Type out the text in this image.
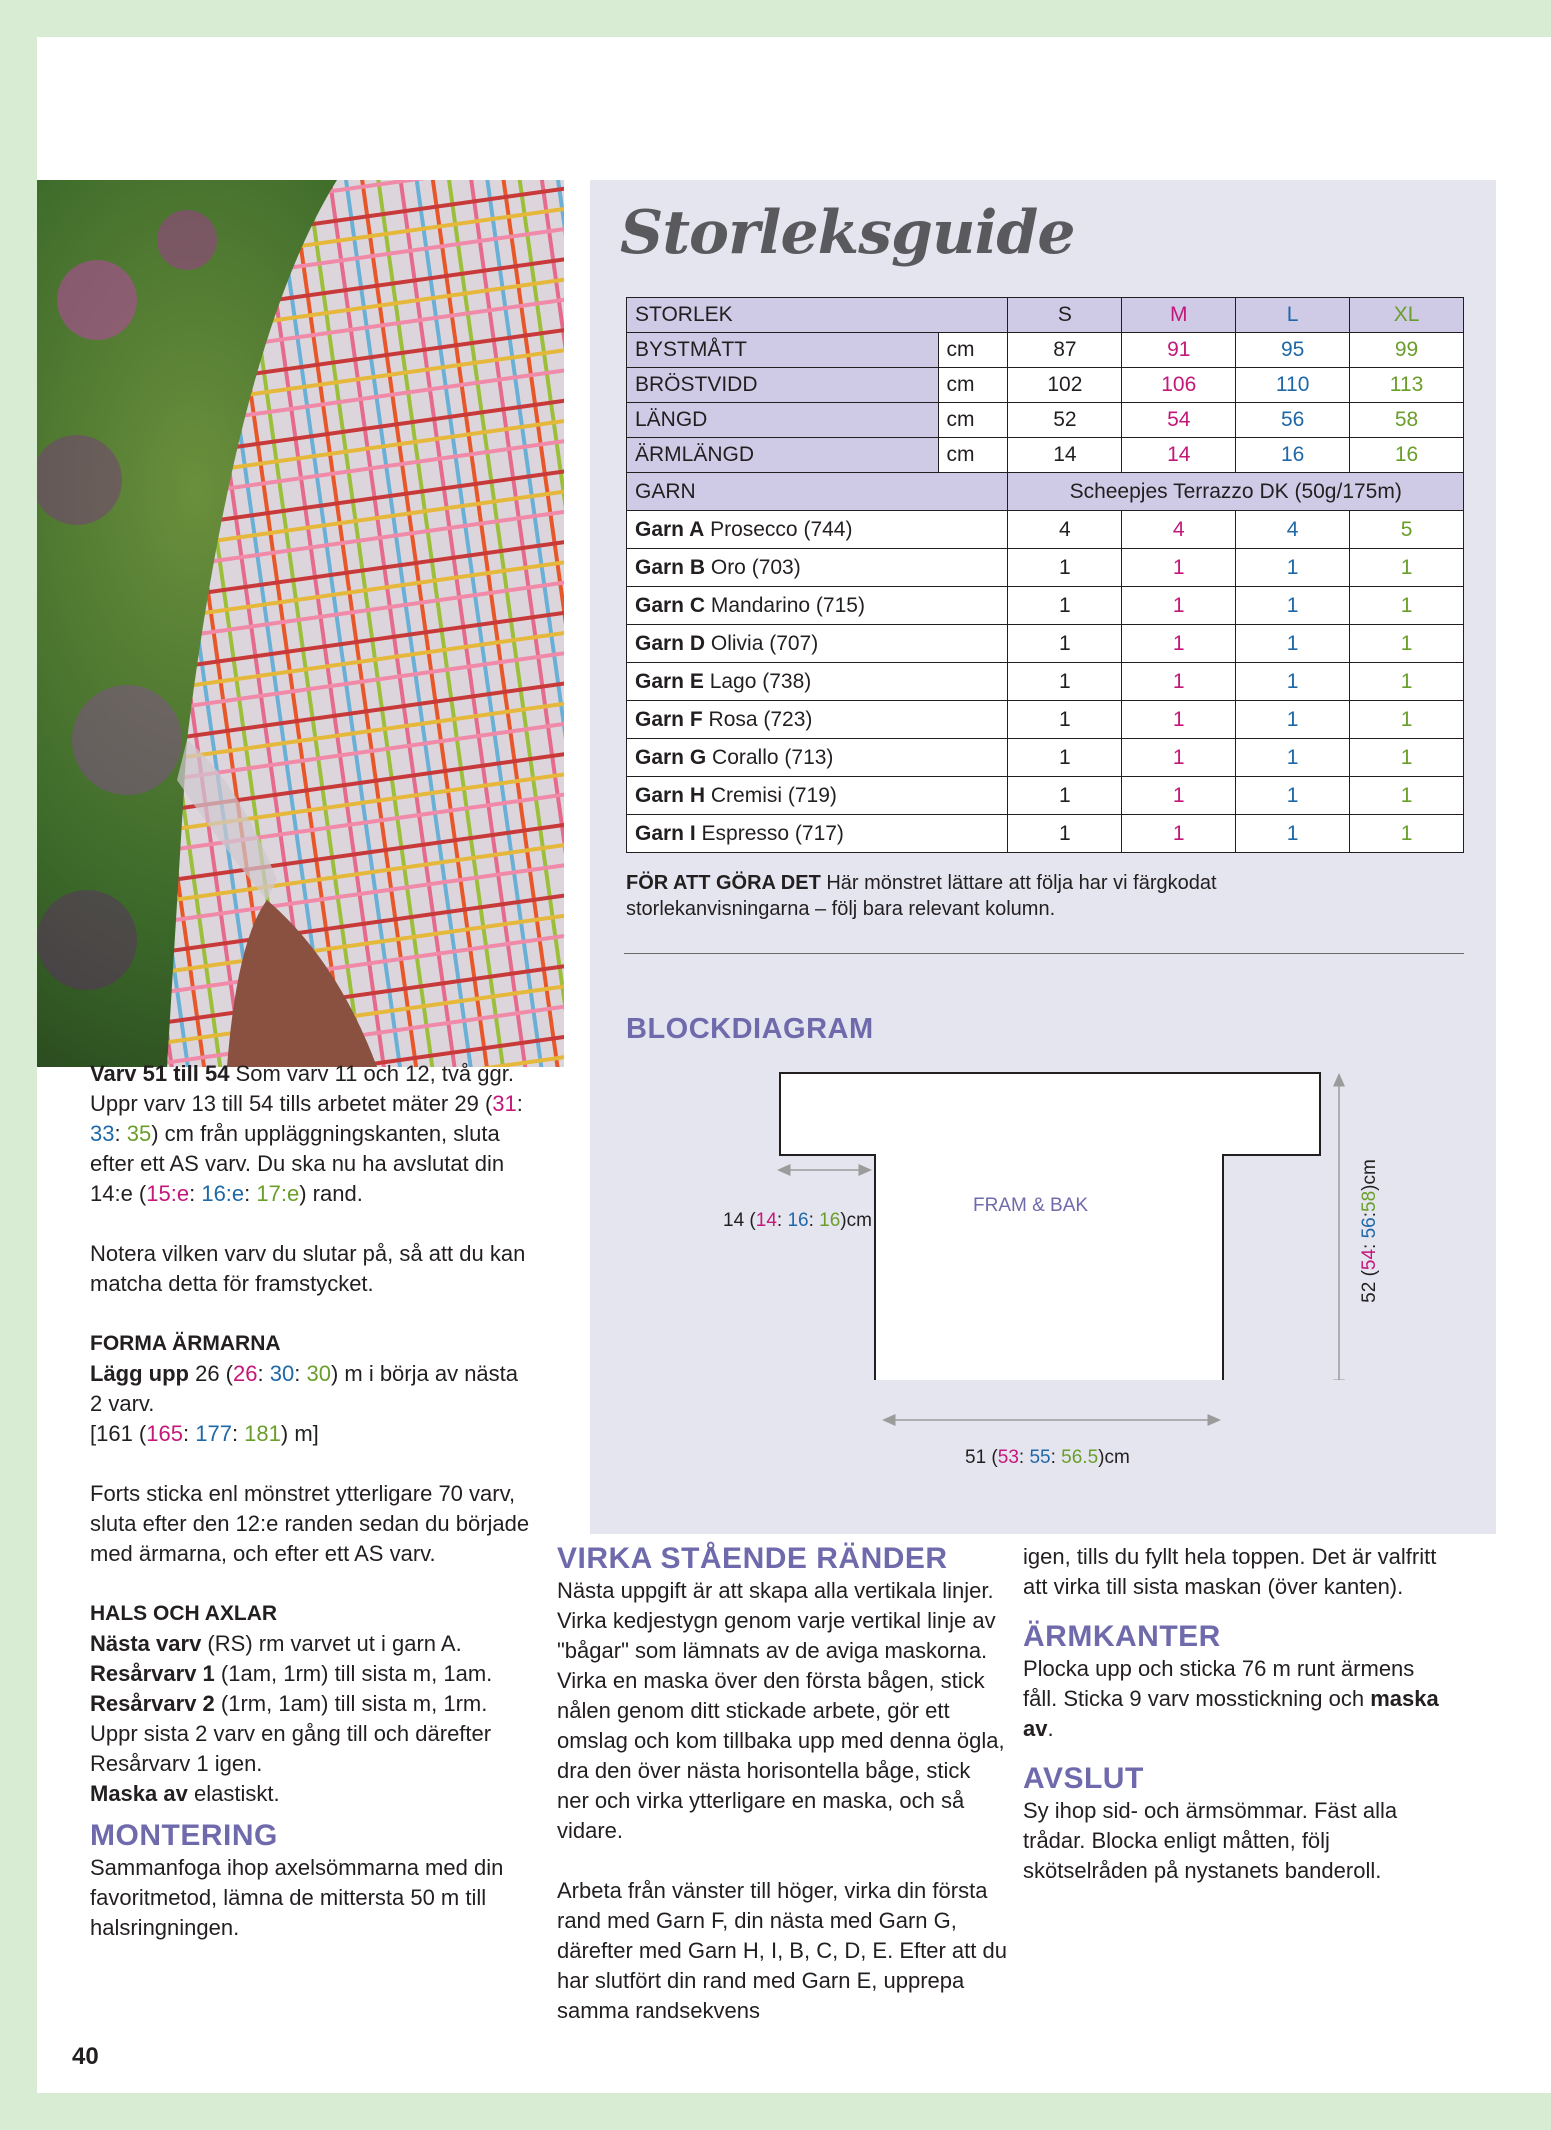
Storleksguide
STORLEK		S	M	L	XL
BYSTMÅTT	cm	87	91	95	99
BRÖSTVIDD	cm	102	106	110	113
LÄNGD	cm	52	54	56	58
ÄRMLÄNGD	cm	14	14	16	16
GARN		Scheepjes Terrazzo DK (50g/175m)			
Garn A Prosecco (744)		4	4	4	5
Garn B Oro (703)		1	1	1	1
Garn C Mandarino (715)		1	1	1	1
Garn D Olivia (707)		1	1	1	1
Garn E Lago (738)		1	1	1	1
Garn F Rosa (723)		1	1	1	1
Garn G Corallo (713)		1	1	1	1
Garn H Cremisi (719)		1	1	1	1
Garn I Espresso (717)		1	1	1	1
FÖR ATT GÖRA DET Här mönstret lättare att följa har vi färgkodat storlekanvisningarna – följ bara relevant kolumn.
BLOCKDIAGRAM
FRAM & BAK
14 (14: 16: 16)cm
52 (54: 56:58)cm
51 (53: 55: 56.5)cm

Varv 51 till 54 Som varv 11 och 12, två ggr.

Uppr varv 13 till 54 tills arbetet mäter 29 (31: 33: 35) cm från uppläggningskanten, sluta efter ett AS varv. Du ska nu ha avslutat din 14:e (15:e: 16:e: 17:e) rand.

Notera vilken varv du slutar på, så att du kan matcha detta för framstycket.

FORMA ÄRMARNA

Lägg upp 26 (26: 30: 30) m i börja av nästa 2 varv.

[161 (165: 177: 181) m]

Forts sticka enl mönstret ytterligare 70 varv, sluta efter den 12:e randen sedan du började med ärmarna, och efter ett AS varv.

HALS OCH AXLAR

Nästa varv (RS) rm varvet ut i garn A.

Resårvarv 1 (1am, 1rm) till sista m, 1am.

Resårvarv 2 (1rm, 1am) till sista m, 1rm.

Uppr sista 2 varv en gång till och därefter Resårvarv 1 igen.

Maska av elastiskt.

MONTERING

Sammanfoga ihop axelsömmarna med din favoritmetod, lämna de mittersta 50 m till halsringningen.

VIRKA STÅENDE RÄNDER

Nästa uppgift är att skapa alla vertikala linjer. Virka kedjestygn genom varje vertikal linje av "bågar" som lämnats av de aviga maskorna. Virka en maska över den första bågen, stick nålen genom ditt stickade arbete, gör ett omslag och kom tillbaka upp med denna ögla, dra den över nästa horisontella båge, stick ner och virka ytterligare en maska, och så vidare.

Arbeta från vänster till höger, virka din första rand med Garn F, din nästa med Garn G, därefter med Garn H, I, B, C, D, E. Efter att du har slutfört din rand med Garn E, upprepa samma randsekvens

igen, tills du fyllt hela toppen. Det är valfritt att virka till sista maskan (över kanten).

ÄRMKANTER

Plocka upp och sticka 76 m runt ärmens fåll. Sticka 9 varv mosstickning och maska av.

AVSLUT

Sy ihop sid- och ärmsömmar. Fäst alla trådar. Blocka enligt måtten, följ skötselråden på nystanets banderoll.

40
